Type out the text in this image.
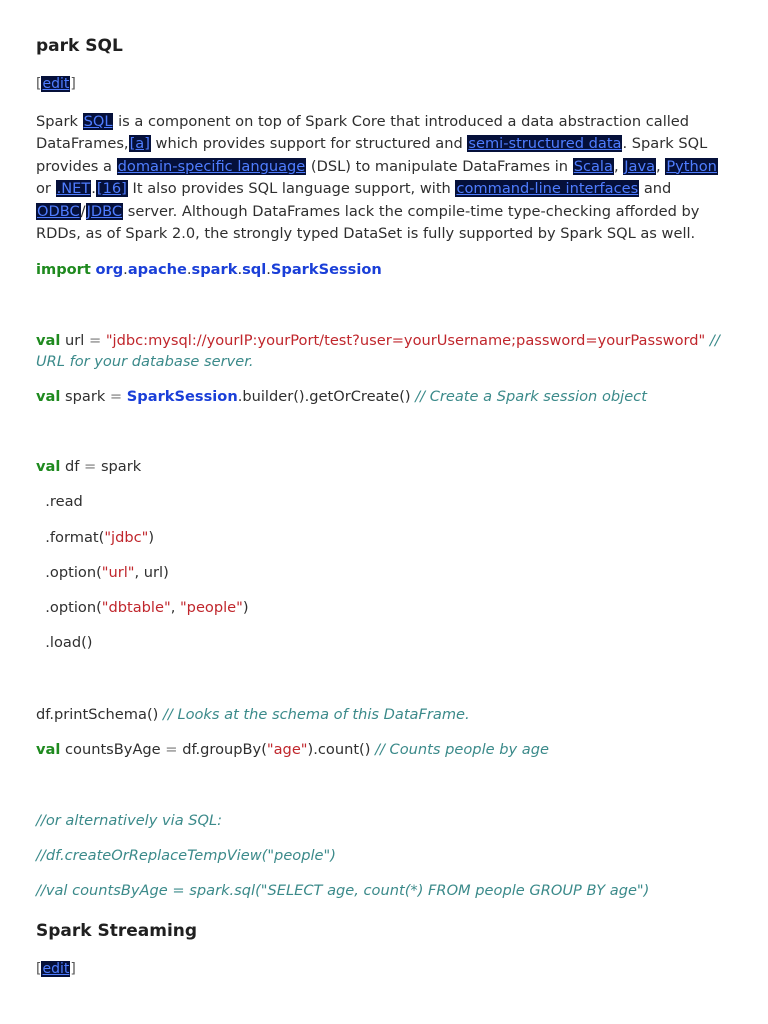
park SQL
[edit]
Spark SQL is a component on top of Spark Core that introduced a data abstraction called DataFrames,[a] which provides support for structured and semi-structured data. Spark SQL provides a domain-specific language (DSL) to manipulate DataFrames in Scala, Java, Python or .NET.[16] It also provides SQL language support, with command-line interfaces and ODBC/JDBC server. Although DataFrames lack the compile-time type-checking afforded by RDDs, as of Spark 2.0, the strongly typed DataSet is fully supported by Spark SQL as well.
import org.apache.spark.sql.SparkSession
val url = "jdbc:mysql://yourIP:yourPort/test?user=yourUsername;password=yourPassword" // URL for your database server.
val spark = SparkSession.builder().getOrCreate() // Create a Spark session object
val df = spark
.read
.format("jdbc")
.option("url", url)
.option("dbtable", "people")
.load()
df.printSchema() // Looks at the schema of this DataFrame.
val countsByAge = df.groupBy("age").count() // Counts people by age
//or alternatively via SQL:
//df.createOrReplaceTempView("people")
//val countsByAge = spark.sql("SELECT age, count(*) FROM people GROUP BY age")
Spark Streaming
[edit]
